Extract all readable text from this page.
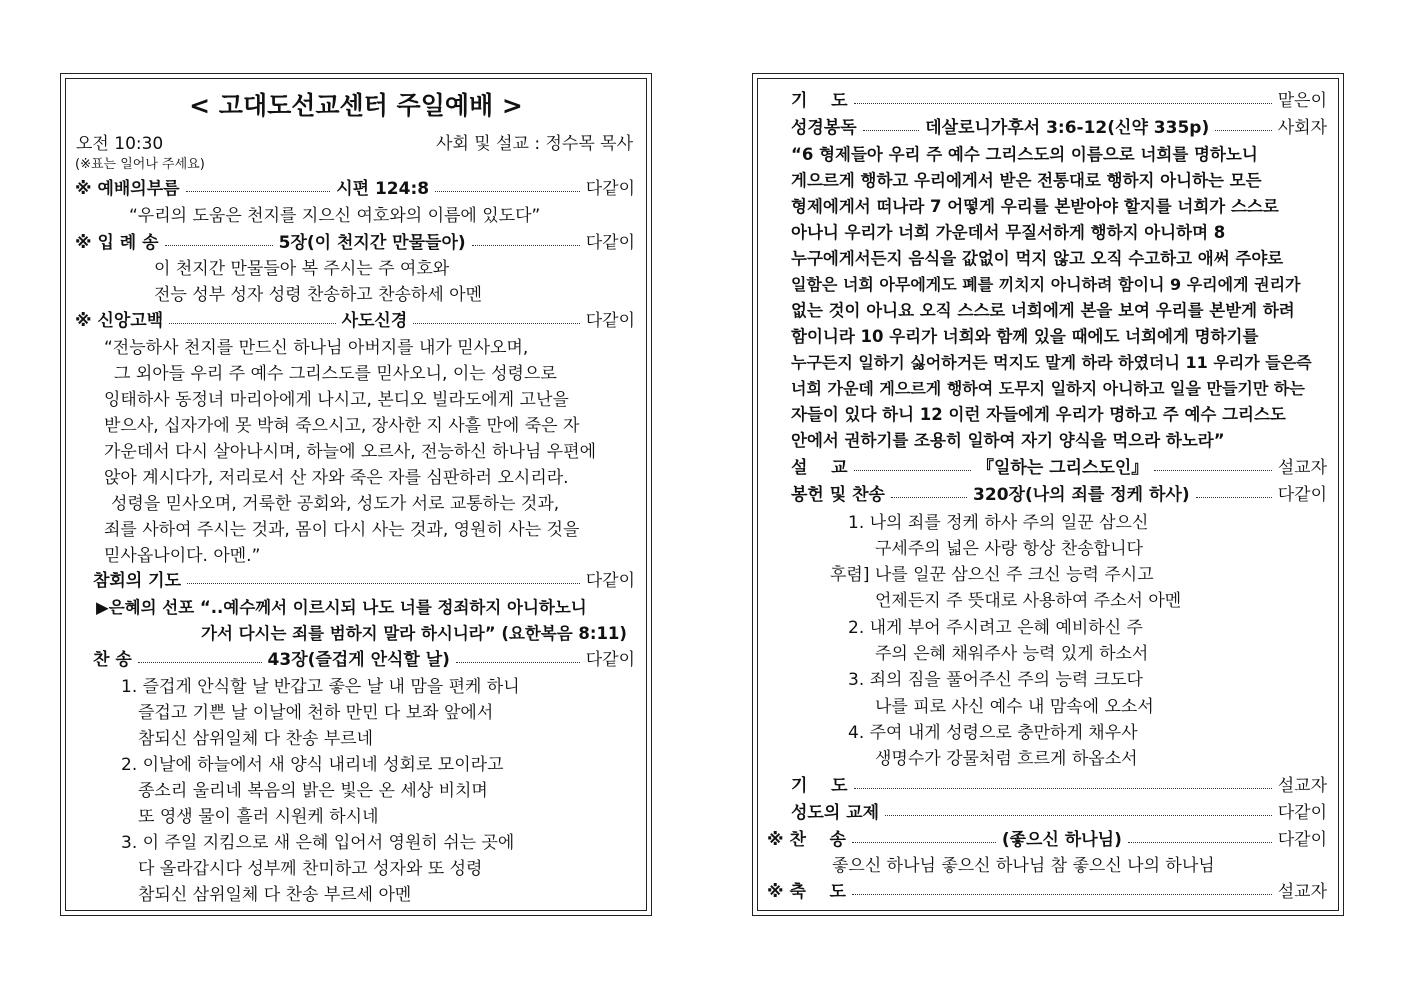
< 고대도선교센터 주일예배 >
오전 10:30	사회 및 설교 : 정수목 목사
(※표는 일어나 주세요)
※ 예배의부름	시편 124:8	다같이
“우리의 도움은 천지를 지으신 여호와의 이름에 있도다”
※ 입 례 송	5장(이 천지간 만물들아)	다같이
이 천지간 만물들아 복 주시는 주 여호와
전능 성부 성자 성령 찬송하고 찬송하세 아멘
※ 신앙고백	사도신경	다같이
“전능하사 천지를 만드신 하나님 아버지를 내가 믿사오며,
그 외아들 우리 주 예수 그리스도를 믿사오니, 이는 성령으로
잉태하사 동정녀 마리아에게 나시고, 본디오 빌라도에게 고난을
받으사, 십자가에 못 박혀 죽으시고, 장사한 지 사흘 만에 죽은 자
가운데서 다시 살아나시며, 하늘에 오르사, 전능하신 하나님 우편에
앉아 계시다가, 저리로서 산 자와 죽은 자를 심판하러 오시리라.
성령을 믿사오며, 거룩한 공회와, 성도가 서로 교통하는 것과,
죄를 사하여 주시는 것과, 몸이 다시 사는 것과, 영원히 사는 것을
믿사옵나이다. 아멘.”
참회의 기도	다같이
▶은혜의 선포 “..예수께서 이르시되 나도 너를 정죄하지 아니하노니
가서 다시는 죄를 범하지 말라 하시니라” (요한복음 8:11)
찬 송	43장(즐겁게 안식할 날)	다같이
1. 즐겁게 안식할 날 반갑고 좋은 날 내 맘을 편케 하니
즐겁고 기쁜 날 이날에 천하 만민 다 보좌 앞에서
참되신 삼위일체 다 찬송 부르네
2. 이날에 하늘에서 새 양식 내리네 성회로 모이라고
종소리 울리네 복음의 밝은 빛은 온 세상 비치며
또 영생 물이 흘러 시원케 하시네
3. 이 주일 지킴으로 새 은혜 입어서 영원히 쉬는 곳에
다 올라갑시다 성부께 찬미하고 성자와 또 성령
참되신 삼위일체 다 찬송 부르세 아멘
기    도	맡은이
성경봉독	데살로니가후서 3:6-12(신약 335p)	사회자
“6 형제들아 우리 주 예수 그리스도의 이름으로 너희를 명하노니
게으르게 행하고 우리에게서 받은 전통대로 행하지 아니하는 모든
형제에게서 떠나라 7 어떻게 우리를 본받아야 할지를 너희가 스스로
아나니 우리가 너희 가운데서 무질서하게 행하지 아니하며 8
누구에게서든지 음식을 값없이 먹지 않고 오직 수고하고 애써 주야로
일함은 너희 아무에게도 폐를 끼치지 아니하려 함이니 9 우리에게 권리가
없는 것이 아니요 오직 스스로 너희에게 본을 보여 우리를 본받게 하려
함이니라 10 우리가 너희와 함께 있을 때에도 너희에게 명하기를
누구든지 일하기 싫어하거든 먹지도 말게 하라 하였더니 11 우리가 들은즉
너희 가운데 게으르게 행하여 도무지 일하지 아니하고 일을 만들기만 하는
자들이 있다 하니 12 이런 자들에게 우리가 명하고 주 예수 그리스도
안에서 권하기를 조용히 일하여 자기 양식을 먹으라 하노라”
설    교	『일하는 그리스도인』	설교자
봉헌 및 찬송	320장(나의 죄를 정케 하사)	다같이
1. 나의 죄를 정케 하사 주의 일꾼 삼으신
구세주의 넓은 사랑 항상 찬송합니다
후렴] 나를 일꾼 삼으신 주 크신 능력 주시고
언제든지 주 뜻대로 사용하여 주소서 아멘
2. 내게 부어 주시려고 은혜 예비하신 주
주의 은혜 채워주사 능력 있게 하소서
3. 죄의 짐을 풀어주신 주의 능력 크도다
나를 피로 사신 예수 내 맘속에 오소서
4. 주여 내게 성령으로 충만하게 채우사
생명수가 강물처럼 흐르게 하옵소서
기    도	설교자
성도의 교제	다같이
※ 찬    송	(좋으신 하나님)	다같이
좋으신 하나님 좋으신 하나님 참 좋으신 나의 하나님
※ 축    도	설교자
